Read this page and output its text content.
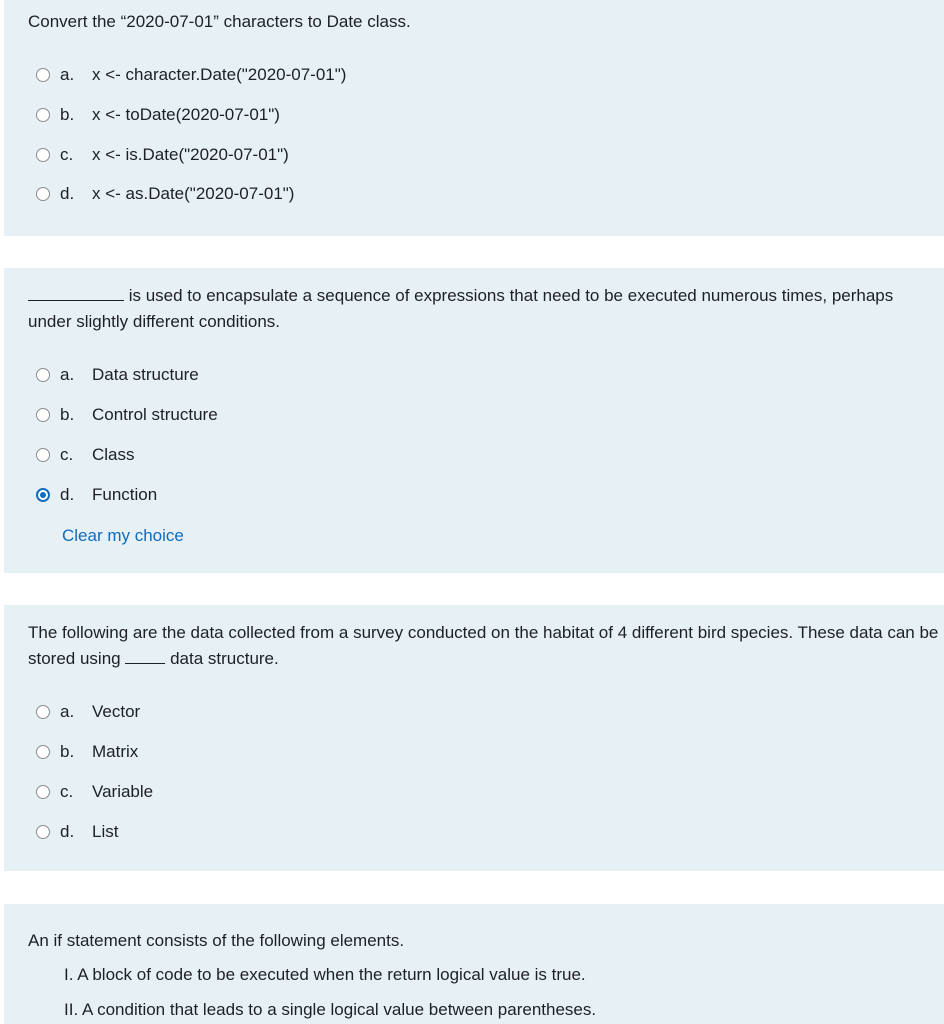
Convert the “2020-07-01” characters to Date class.

a.	x <- character.Date("2020-07-01")
b.	x <- toDate(2020-07-01")
c.	x <- is.Date("2020-07-01")
d.	x <- as.Date("2020-07-01")

is used to encapsulate a sequence of expressions that need to be executed numerous times, perhaps under slightly different conditions.

a.	Data structure
b.	Control structure
c.	Class
d.	Function
Clear my choice

The following are the data collected from a survey conducted on the habitat of 4 different bird species. These data can be stored using  data structure.

a.	Vector
b.	Matrix
c.	Variable
d.	List

An if statement consists of the following elements.

I. A block of code to be executed when the return logical value is true.
II. A condition that leads to a single logical value between parentheses.
